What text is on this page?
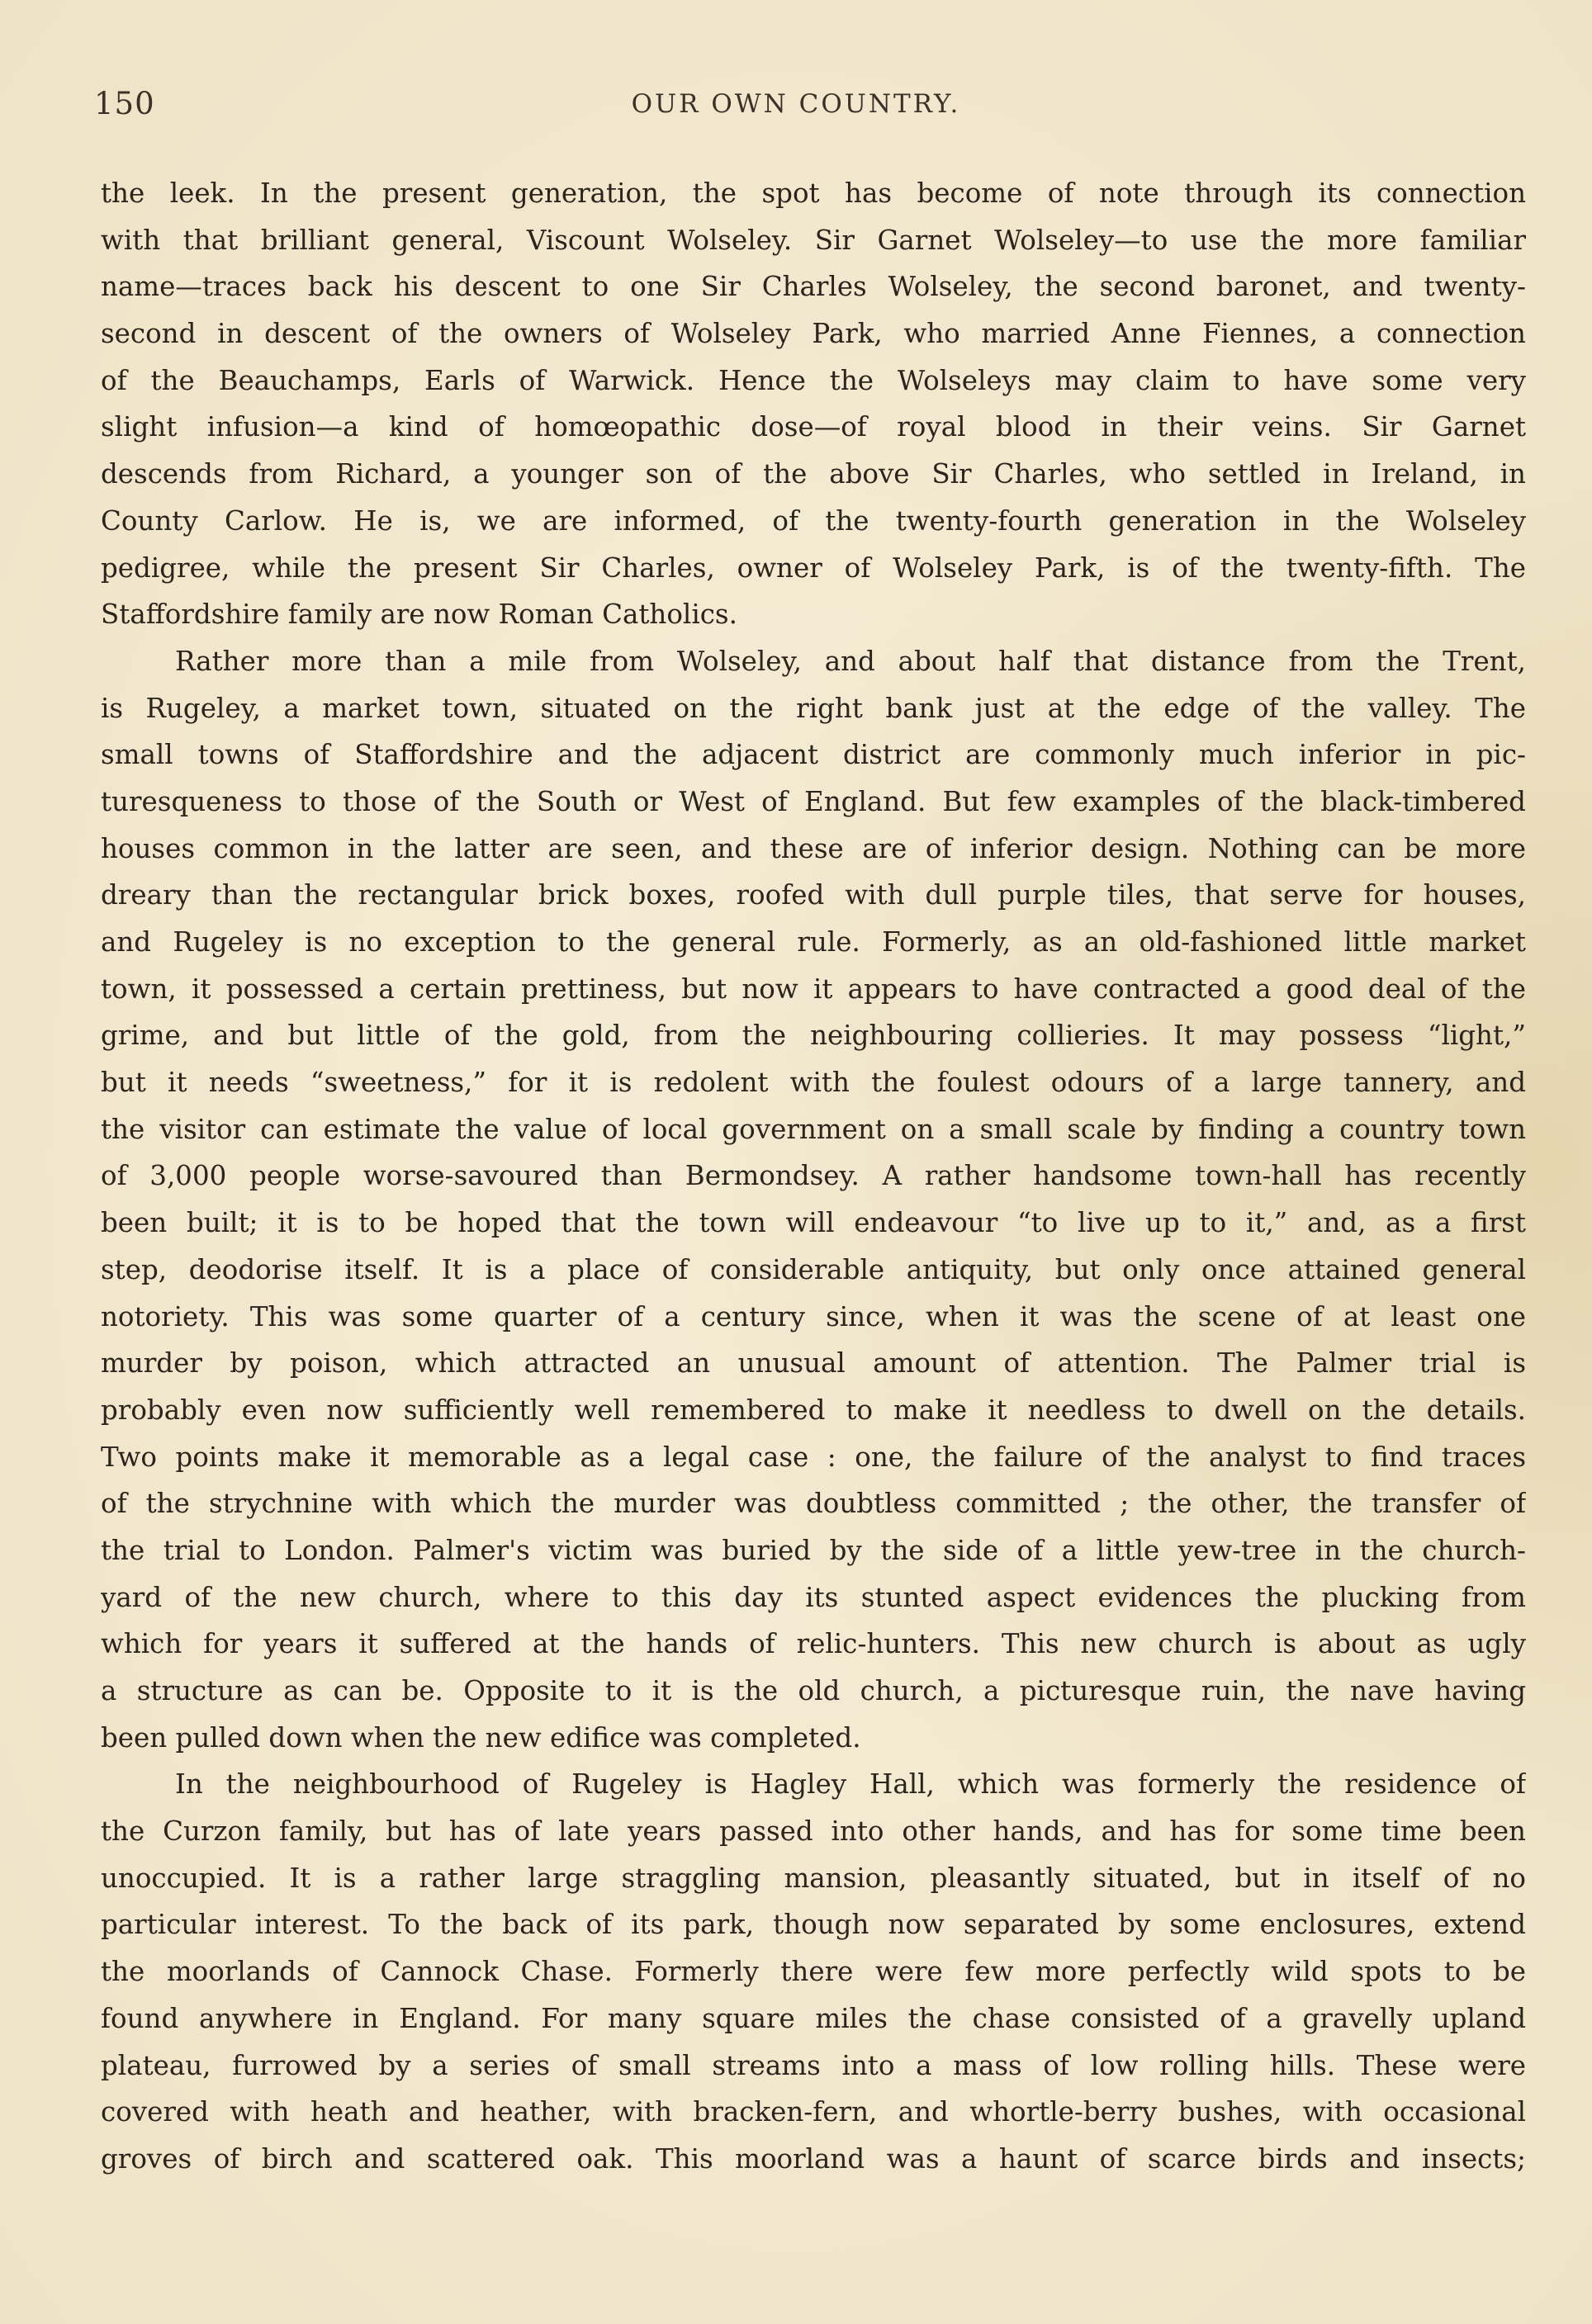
150	OUR OWN COUNTRY.
the leek. In the present generation, the spot has become of note through its connection
with that brilliant general, Viscount Wolseley. Sir Garnet Wolseley—to use the more familiar
name—traces back his descent to one Sir Charles Wolseley, the second baronet, and twenty-
second in descent of the owners of Wolseley Park, who married Anne Fiennes, a connection
of the Beauchamps, Earls of Warwick. Hence the Wolseleys may claim to have some very
slight infusion—a kind of homœopathic dose—of royal blood in their veins. Sir Garnet
descends from Richard, a younger son of the above Sir Charles, who settled in Ireland, in
County Carlow. He is, we are informed, of the twenty-fourth generation in the Wolseley
pedigree, while the present Sir Charles, owner of Wolseley Park, is of the twenty-fifth. The
Staffordshire family are now Roman Catholics.
Rather more than a mile from Wolseley, and about half that distance from the Trent,
is Rugeley, a market town, situated on the right bank just at the edge of the valley. The
small towns of Staffordshire and the adjacent district are commonly much inferior in pic-
turesqueness to those of the South or West of England. But few examples of the black-timbered
houses common in the latter are seen, and these are of inferior design. Nothing can be more
dreary than the rectangular brick boxes, roofed with dull purple tiles, that serve for houses,
and Rugeley is no exception to the general rule. Formerly, as an old-fashioned little market
town, it possessed a certain prettiness, but now it appears to have contracted a good deal of the
grime, and but little of the gold, from the neighbouring collieries. It may possess “light,”
but it needs “sweetness,” for it is redolent with the foulest odours of a large tannery, and
the visitor can estimate the value of local government on a small scale by finding a country town
of 3,000 people worse-savoured than Bermondsey. A rather handsome town-hall has recently
been built; it is to be hoped that the town will endeavour “to live up to it,” and, as a first
step, deodorise itself. It is a place of considerable antiquity, but only once attained general
notoriety. This was some quarter of a century since, when it was the scene of at least one
murder by poison, which attracted an unusual amount of attention. The Palmer trial is
probably even now sufficiently well remembered to make it needless to dwell on the details.
Two points make it memorable as a legal case : one, the failure of the analyst to find traces
of the strychnine with which the murder was doubtless committed ; the other, the transfer of
the trial to London. Palmer's victim was buried by the side of a little yew-tree in the church-
yard of the new church, where to this day its stunted aspect evidences the plucking from
which for years it suffered at the hands of relic-hunters. This new church is about as ugly
a structure as can be. Opposite to it is the old church, a picturesque ruin, the nave having
been pulled down when the new edifice was completed.
In the neighbourhood of Rugeley is Hagley Hall, which was formerly the residence of
the Curzon family, but has of late years passed into other hands, and has for some time been
unoccupied. It is a rather large straggling mansion, pleasantly situated, but in itself of no
particular interest. To the back of its park, though now separated by some enclosures, extend
the moorlands of Cannock Chase. Formerly there were few more perfectly wild spots to be
found anywhere in England. For many square miles the chase consisted of a gravelly upland
plateau, furrowed by a series of small streams into a mass of low rolling hills. These were
covered with heath and heather, with bracken-fern, and whortle-berry bushes, with occasional
groves of birch and scattered oak. This moorland was a haunt of scarce birds and insects;
